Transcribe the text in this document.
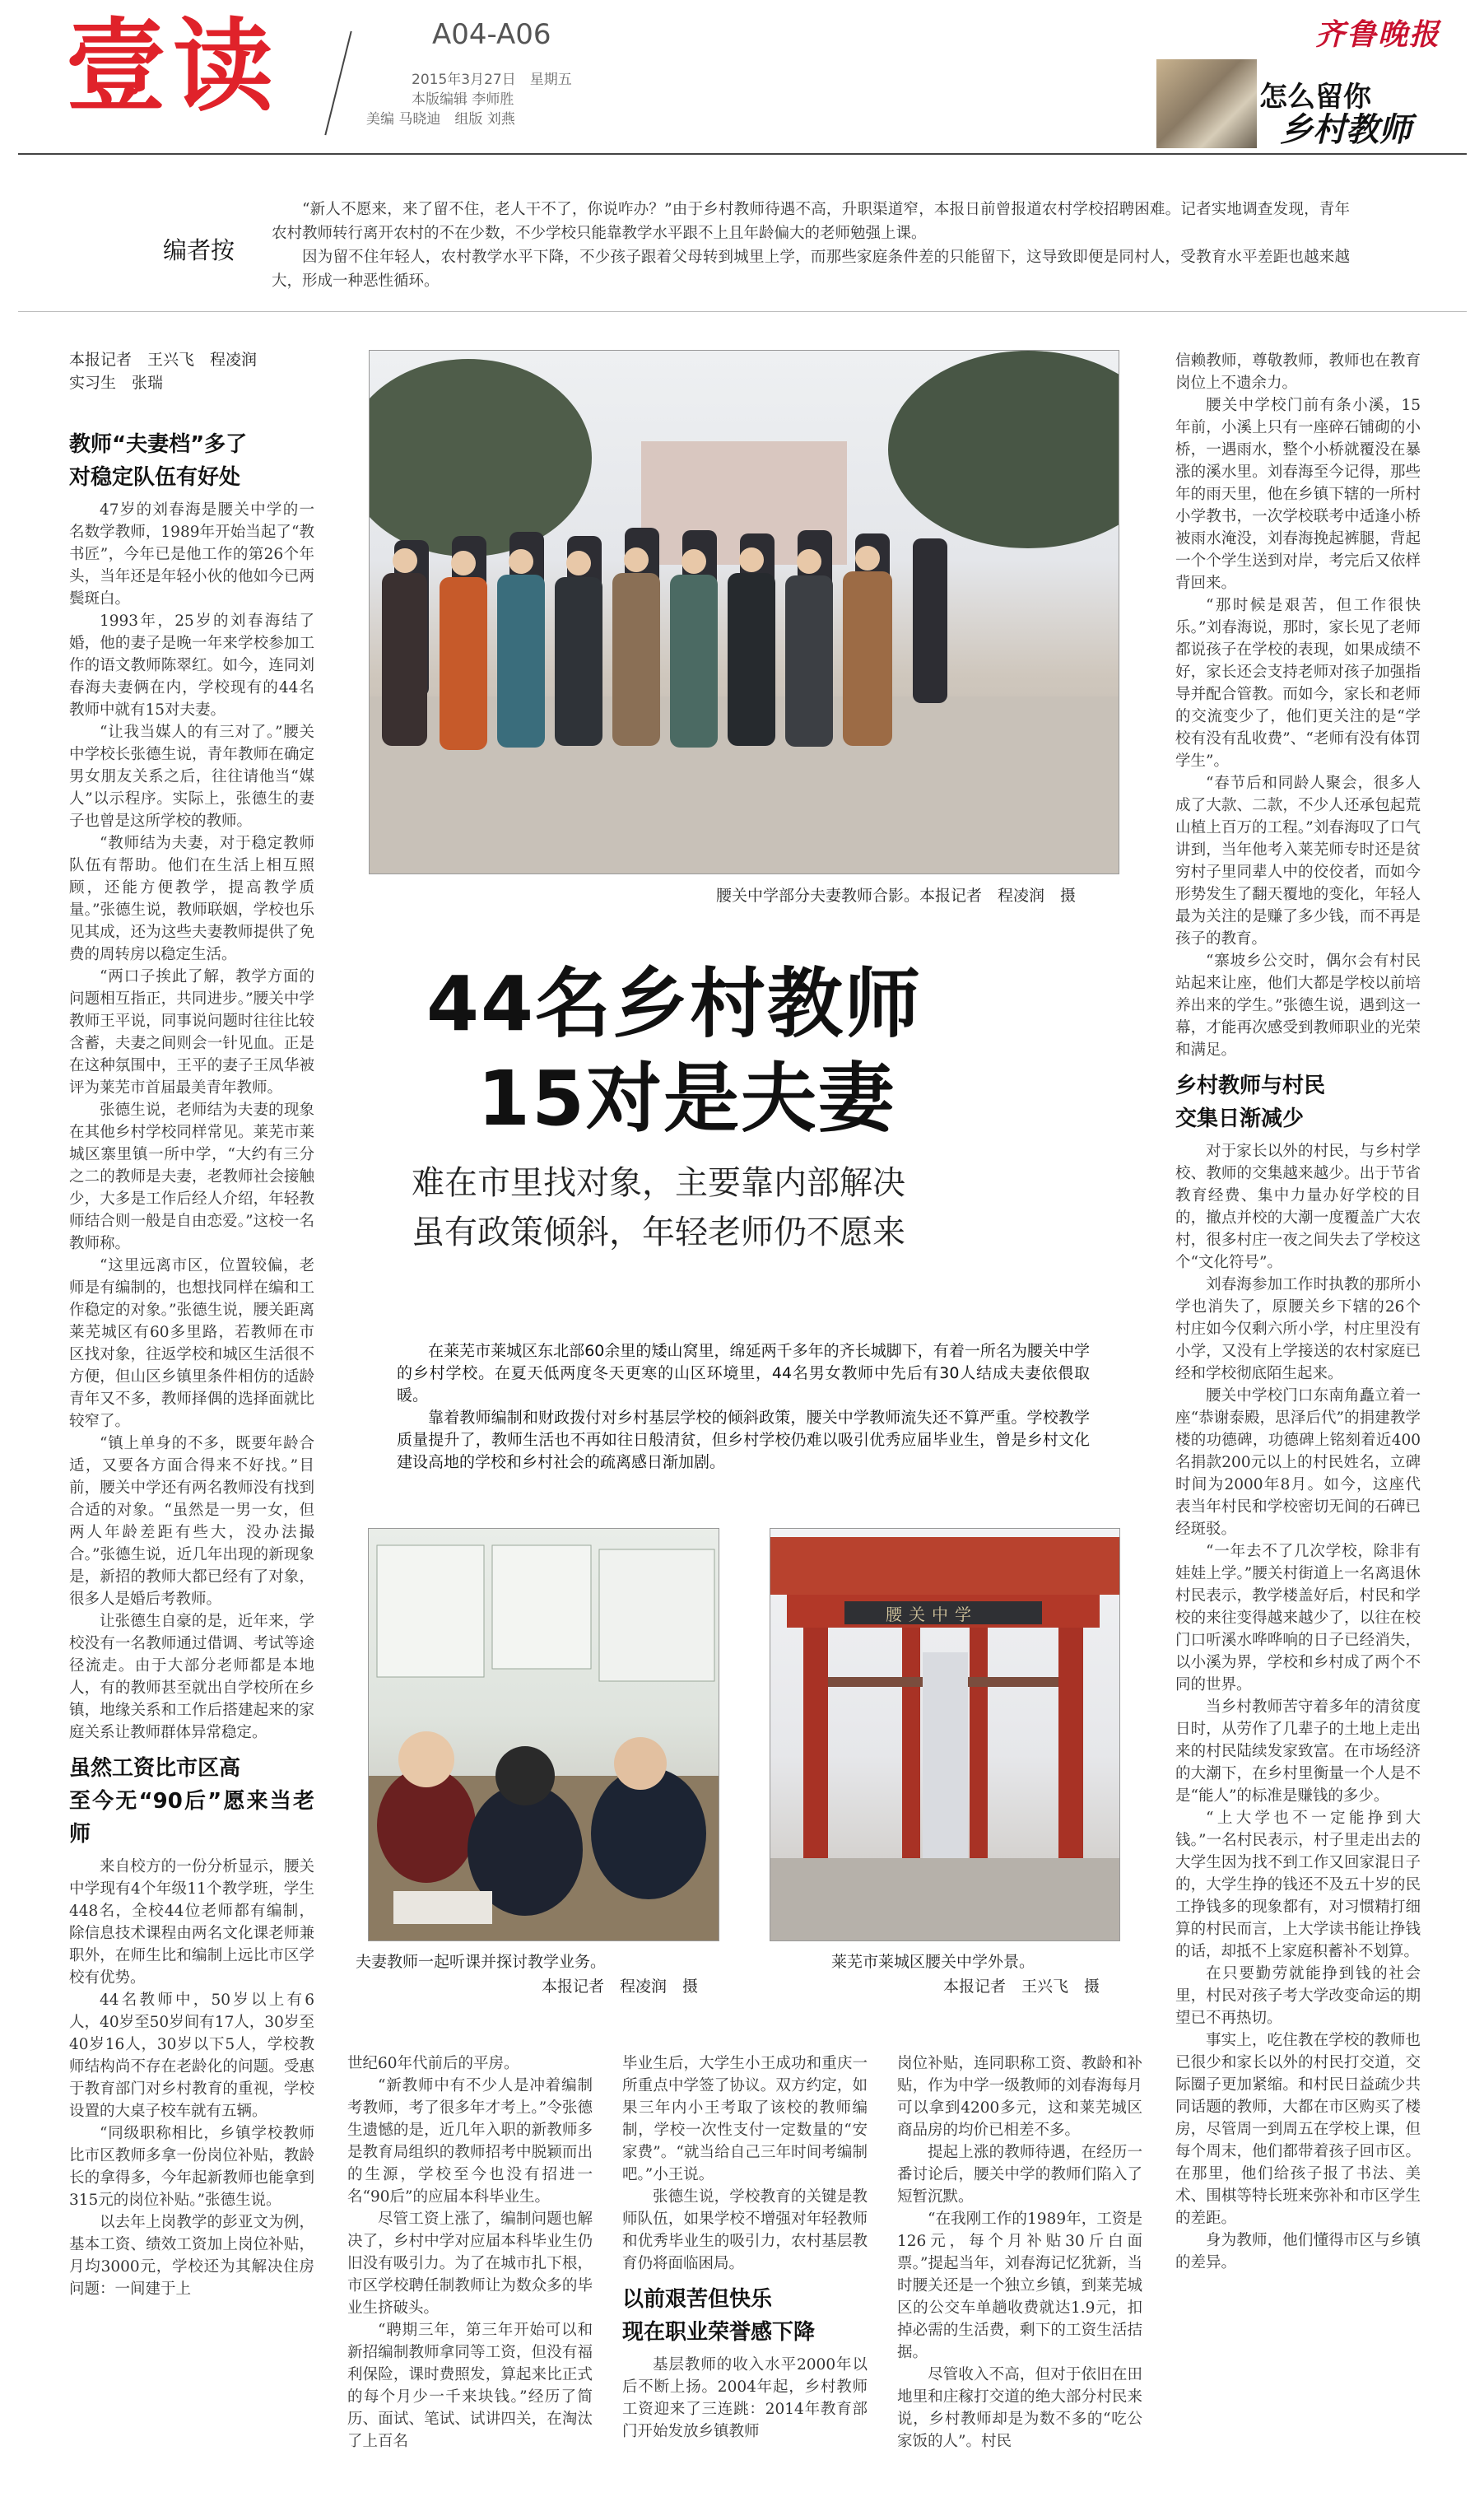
壹读	A04-A06
2015年3月27日　星期五
本版编辑 李师胜
美编 马晓迪　组版 刘燕
齐鲁晚报
怎么留你
乡村教师
编者按

“新人不愿来，来了留不住，老人干不了，你说咋办？”由于乡村教师待遇不高，升职渠道窄，本报日前曾报道农村学校招聘困难。记者实地调查发现，青年农村教师转行离开农村的不在少数，不少学校只能靠教学水平跟不上且年龄偏大的老师勉强上课。

因为留不住年轻人，农村教学水平下降，不少孩子跟着父母转到城里上学，而那些家庭条件差的只能留下，这导致即便是同村人，受教育水平差距也越来越大，形成一种恶性循环。

本报记者　王兴飞　程凌润
实习生　张瑞
教师“夫妻档”多了
对稳定队伍有好处

47岁的刘春海是腰关中学的一名数学教师，1989年开始当起了“教书匠”，今年已是他工作的第26个年头，当年还是年轻小伙的他如今已两鬓斑白。

1993年，25岁的刘春海结了婚，他的妻子是晚一年来学校参加工作的语文教师陈翠红。如今，连同刘春海夫妻俩在内，学校现有的44名教师中就有15对夫妻。

“让我当媒人的有三对了。”腰关中学校长张德生说，青年教师在确定男女朋友关系之后，往往请他当“媒人”以示程序。实际上，张德生的妻子也曾是这所学校的教师。

“教师结为夫妻，对于稳定教师队伍有帮助。他们在生活上相互照顾，还能方便教学，提高教学质量。”张德生说，教师联姻，学校也乐见其成，还为这些夫妻教师提供了免费的周转房以稳定生活。

“两口子挨此了解，教学方面的问题相互指正，共同进步。”腰关中学教师王平说，同事说问题时往往比较含蓄，夫妻之间则会一针见血。正是在这种氛围中，王平的妻子王凤华被评为莱芜市首届最美青年教师。

张德生说，老师结为夫妻的现象在其他乡村学校同样常见。莱芜市莱城区寨里镇一所中学，“大约有三分之二的教师是夫妻，老教师社会接触少，大多是工作后经人介绍，年轻教师结合则一般是自由恋爱。”这校一名教师称。

“这里远离市区，位置较偏，老师是有编制的，也想找同样在编和工作稳定的对象。”张德生说，腰关距离莱芜城区有60多里路，若教师在市区找对象，往返学校和城区生活很不方便，但山区乡镇里条件相仿的适龄青年又不多，教师择偶的选择面就比较窄了。

“镇上单身的不多，既要年龄合适，又要各方面合得来不好找。”目前，腰关中学还有两名教师没有找到合适的对象。“虽然是一男一女，但两人年龄差距有些大，没办法撮合。”张德生说，近几年出现的新现象是，新招的教师大都已经有了对象，很多人是婚后考教师。

让张德生自豪的是，近年来，学校没有一名教师通过借调、考试等途径流走。由于大部分老师都是本地人，有的教师甚至就出自学校所在乡镇，地缘关系和工作后搭建起来的家庭关系让教师群体异常稳定。

虽然工资比市区高
至今无“90后”愿来当老师

来自校方的一份分析显示，腰关中学现有4个年级11个教学班，学生448名，全校44位老师都有编制，除信息技术课程由两名文化课老师兼职外，在师生比和编制上远比市区学校有优势。

44名教师中，50岁以上有6人，40岁至50岁间有17人，30岁至40岁16人，30岁以下5人，学校教师结构尚不存在老龄化的问题。受惠于教育部门对乡村教育的重视，学校设置的大桌子校车就有五辆。

“同级职称相比，乡镇学校教师比市区教师多拿一份岗位补贴，教龄长的拿得多，今年起新教师也能拿到315元的岗位补贴。”张德生说。

以去年上岗教学的彭亚文为例，基本工资、绩效工资加上岗位补贴，月均3000元，学校还为其解决住房问题：一间建于上

腰关中学部分夫妻教师合影。本报记者　程凌润　摄
44名乡村教师
15对是夫妻
难在市里找对象，主要靠内部解决
虽有政策倾斜，年轻老师仍不愿来

在莱芜市莱城区东北部60余里的矮山窝里，绵延两千多年的齐长城脚下，有着一所名为腰关中学的乡村学校。在夏天低两度冬天更寒的山区环境里，44名男女教师中先后有30人结成夫妻依偎取暖。

靠着教师编制和财政拨付对乡村基层学校的倾斜政策，腰关中学教师流失还不算严重。学校教学质量提升了，教师生活也不再如往日般清贫，但乡村学校仍难以吸引优秀应届毕业生，曾是乡村文化建设高地的学校和乡村社会的疏离感日渐加剧。

夫妻教师一起听课并探讨教学业务。
本报记者　程凌润　摄
腰关中学
莱芜市莱城区腰关中学外景。
本报记者　王兴飞　摄

世纪60年代前后的平房。

“新教师中有不少人是冲着编制考教师，考了很多年才考上。”令张德生遗憾的是，近几年入职的新教师多是教育局组织的教师招考中脱颖而出的生源，学校至今也没有招进一名“90后”的应届本科毕业生。

尽管工资上涨了，编制问题也解决了，乡村中学对应届本科毕业生仍旧没有吸引力。为了在城市扎下根，市区学校聘任制教师让为数众多的毕业生挤破头。

“聘期三年，第三年开始可以和新招编制教师拿同等工资，但没有福利保险，课时费照发，算起来比正式的每个月少一千来块钱。”经历了简历、面试、笔试、试讲四关，在淘汰了上百名

毕业生后，大学生小王成功和重庆一所重点中学签了协议。双方约定，如果三年内小王考取了该校的教师编制，学校一次性支付一定数量的“安家费”。“就当给自己三年时间考编制吧。”小王说。

张德生说，学校教育的关键是教师队伍，如果学校不增强对年轻教师和优秀毕业生的吸引力，农村基层教育仍将面临困局。

以前艰苦但快乐
现在职业荣誉感下降

基层教师的收入水平2000年以后不断上扬。2004年起，乡村教师工资迎来了三连跳：2014年教育部门开始发放乡镇教师

岗位补贴，连同职称工资、教龄和补贴，作为中学一级教师的刘春海每月可以拿到4200多元，这和莱芜城区商品房的均价已相差不多。

提起上涨的教师待遇，在经历一番讨论后，腰关中学的教师们陷入了短暂沉默。

“在我刚工作的1989年，工资是126元，每个月补贴30斤白面票。”提起当年，刘春海记忆犹新，当时腰关还是一个独立乡镇，到莱芜城区的公交车单趟收费就达1.9元，扣掉必需的生活费，剩下的工资生活拮据。

尽管收入不高，但对于依旧在田地里和庄稼打交道的绝大部分村民来说，乡村教师却是为数不多的“吃公家饭的人”。村民

信赖教师，尊敬教师，教师也在教育岗位上不遗余力。

腰关中学校门前有条小溪，15年前，小溪上只有一座碎石铺砌的小桥，一遇雨水，整个小桥就覆没在暴涨的溪水里。刘春海至今记得，那些年的雨天里，他在乡镇下辖的一所村小学教书，一次学校联考中适逢小桥被雨水淹没，刘春海挽起裤腿，背起一个个学生送到对岸，考完后又依样背回来。

“那时候是艰苦，但工作很快乐。”刘春海说，那时，家长见了老师都说孩子在学校的表现，如果成绩不好，家长还会支持老师对孩子加强指导并配合管教。而如今，家长和老师的交流变少了，他们更关注的是“学校有没有乱收费”、“老师有没有体罚学生”。

“春节后和同龄人聚会，很多人成了大款、二款，不少人还承包起荒山植上百万的工程。”刘春海叹了口气讲到，当年他考入莱芜师专时还是贫穷村子里同辈人中的佼佼者，而如今形势发生了翻天覆地的变化，年轻人最为关注的是赚了多少钱，而不再是孩子的教育。

“寨坡乡公交时，偶尔会有村民站起来让座，他们大都是学校以前培养出来的学生。”张德生说，遇到这一幕，才能再次感受到教师职业的光荣和满足。

乡村教师与村民
交集日渐减少

对于家长以外的村民，与乡村学校、教师的交集越来越少。出于节省教育经费、集中力量办好学校的目的，撤点并校的大潮一度覆盖广大农村，很多村庄一夜之间失去了学校这个“文化符号”。

刘春海参加工作时执教的那所小学也消失了，原腰关乡下辖的26个村庄如今仅剩六所小学，村庄里没有小学，又没有上学接送的农村家庭已经和学校彻底陌生起来。

腰关中学校门口东南角矗立着一座“恭谢泰殿，思泽后代”的捐建教学楼的功德碑，功德碑上铭刻着近400名捐款200元以上的村民姓名，立碑时间为2000年8月。如今，这座代表当年村民和学校密切无间的石碑已经斑驳。

“一年去不了几次学校，除非有娃娃上学。”腰关村街道上一名离退休村民表示，教学楼盖好后，村民和学校的来往变得越来越少了，以往在校门口听溪水哗哗响的日子已经消失，以小溪为界，学校和乡村成了两个不同的世界。

当乡村教师苦守着多年的清贫度日时，从劳作了几辈子的土地上走出来的村民陆续发家致富。在市场经济的大潮下，在乡村里衡量一个人是不是“能人”的标准是赚钱的多少。

“上大学也不一定能挣到大钱。”一名村民表示，村子里走出去的大学生因为找不到工作又回家混日子的，大学生挣的钱还不及五十岁的民工挣钱多的现象都有，对习惯精打细算的村民而言，上大学读书能让挣钱的话，却抵不上家庭积蓄补不划算。

在只要勤劳就能挣到钱的社会里，村民对孩子考大学改变命运的期望已不再热切。

事实上，吃住教在学校的教师也已很少和家长以外的村民打交道，交际圈子更加紧缩。和村民日益疏少共同话题的教师，大都在市区购买了楼房，尽管周一到周五在学校上课，但每个周末，他们都带着孩子回市区。在那里，他们给孩子报了书法、美术、围棋等特长班来弥补和市区学生的差距。

身为教师，他们懂得市区与乡镇的差异。
